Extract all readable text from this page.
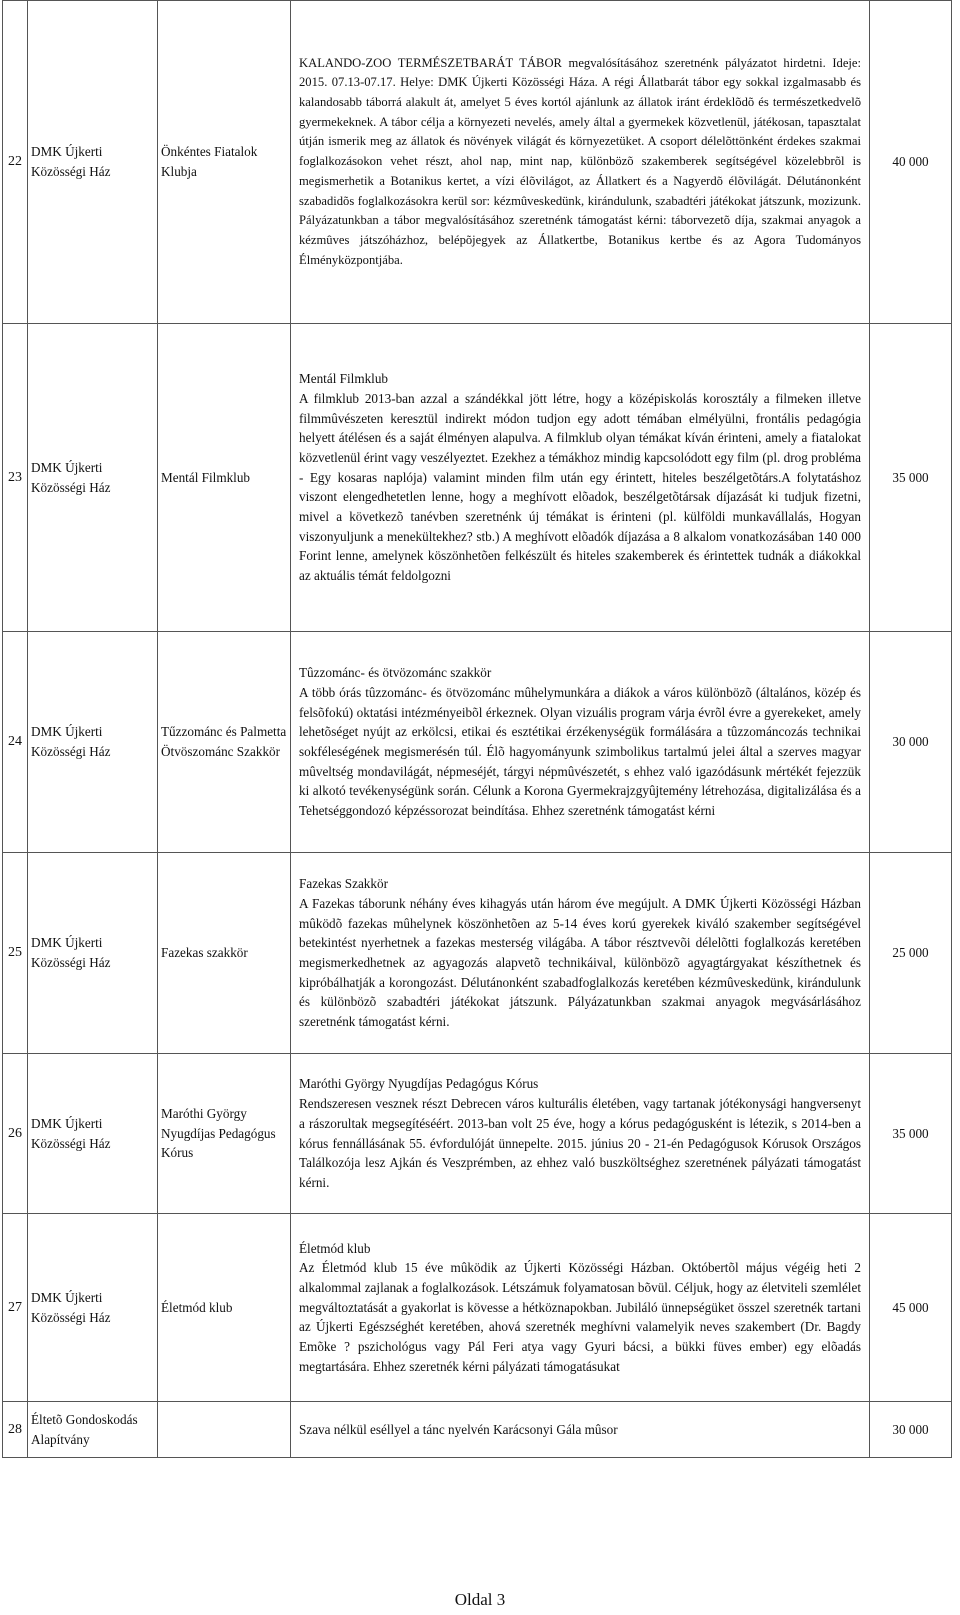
22	DMK Újkerti Közösségi Ház	Önkéntes Fiatalok Klubja	KALANDO-ZOO TERMÉSZETBARÁT TÁBOR megvalósításához szeretnénk pályázatot hirdetni. Ideje: 2015. 07.13-07.17. Helye: DMK Újkerti Közösségi Háza. A régi Állatbarát tábor egy sokkal izgalmasabb és kalandosabb táborrá alakult át, amelyet 5 éves kortól ajánlunk az állatok iránt érdeklõdõ és természetkedvelõ gyermekeknek. A tábor célja a környezeti nevelés, amely által a gyermekek közvetlenül, játékosan, tapasztalat útján ismerik meg az állatok és növények világát és környezetüket. A csoport délelõttönként érdekes szakmai foglalkozásokon vehet részt, ahol nap, mint nap, különbözõ szakemberek segítségével közelebbrõl is megismerhetik a Botanikus kertet, a vízi élõvilágot, az Állatkert és a Nagyerdõ élõvilágát. Délutánonként szabadidõs foglalkozásokra kerül sor: kézmûveskedünk, kirándulunk, szabadtéri játékokat játszunk, mozizunk. Pályázatunkban a tábor megvalósításához szeretnénk támogatást kérni: táborvezetõ díja, szakmai anyagok a kézmûves játszóházhoz, belépõjegyek az Állatkertbe, Botanikus kertbe és az Agora Tudományos Élményközpontjába.	40 000
23	DMK Újkerti Közösségi Ház	Mentál Filmklub	Mentál Filmklub
A filmklub 2013-ban azzal a szándékkal jött létre, hogy a középiskolás korosztály a filmeken illetve filmmûvészeten keresztül indirekt módon tudjon egy adott témában elmélyülni, frontális pedagógia helyett átélésen és a saját élményen alapulva. A filmklub olyan témákat kíván érinteni, amely a fiatalokat közvetlenül érint vagy veszélyeztet. Ezekhez a témákhoz mindig kapcsolódott egy film (pl. drog probléma - Egy kosaras naplója) valamint minden film után egy érintett, hiteles beszélgetõtárs.A folytatáshoz viszont elengedhetetlen lenne, hogy a meghívott elõadok, beszélgetõtársak díjazását ki tudjuk fizetni, mivel a következõ tanévben szeretnénk új témákat is érinteni (pl. külföldi munkavállalás, Hogyan viszonyuljunk a menekültekhez? stb.) A meghívott elõadók díjazása a 8 alkalom vonatkozásában 140 000 Forint lenne, amelynek köszönhetõen felkészült és hiteles szakemberek és érintettek tudnák a diákokkal az aktuális témát feldolgozni	35 000
24	DMK Újkerti Közösségi Ház	Tűzzománc és Palmetta Ötvöszománc Szakkör	Tûzzománc- és ötvözománc szakkör
A több órás tûzzománc- és ötvözománc mûhelymunkára a diákok a város különbözõ (általános, közép és felsõfokú) oktatási intézményeibõl érkeznek. Olyan vizuális program várja évrõl évre a gyerekeket, amely lehetõséget nyújt az erkölcsi, etikai és esztétikai érzékenységük formálására a tûzzománcozás technikai sokféleségének megismerésén túl. Élõ hagyományunk szimbolikus tartalmú jelei által a szerves magyar mûveltség mondavilágát, népmeséjét, tárgyi népmûvészetét, s ehhez való igazódásunk mértékét fejezzük ki alkotó tevékenységünk során. Célunk a Korona Gyermekrajzgyûjtemény létrehozása, digitalizálása és a Tehetséggondozó képzéssorozat beindítása. Ehhez szeretnénk támogatást kérni	30 000
25	DMK Újkerti Közösségi Ház	Fazekas szakkör	Fazekas Szakkör
A Fazekas táborunk néhány éves kihagyás után három éve megújult. A DMK Újkerti Közösségi Házban mûködõ fazekas mûhelynek köszönhetõen az 5-14 éves korú gyerekek kiváló szakember segítségével betekintést nyerhetnek a fazekas mesterség világába. A tábor résztvevõi délelõtti foglalkozás keretében megismerkedhetnek az agyagozás alapvetõ technikáival, különbözõ agyagtárgyakat készíthetnek és kipróbálhatják a korongozást. Délutánonként szabadfoglalkozás keretében kézmûveskedünk, kirándulunk és különbözõ szabadtéri játékokat játszunk. Pályázatunkban szakmai anyagok megvásárlásához szeretnénk támogatást kérni.	25 000
26	DMK Újkerti Közösségi Ház	Maróthi György Nyugdíjas Pedagógus Kórus	Maróthi György Nyugdíjas Pedagógus Kórus
Rendszeresen vesznek részt Debrecen város kulturális életében, vagy tartanak jótékonysági hangversenyt a rászorultak megsegítéséért. 2013-ban volt 25 éve, hogy a kórus pedagógusként is létezik, s 2014-ben a kórus fennállásának 55. évfordulóját ünnepelte. 2015. június 20 - 21-én Pedagógusok Kórusok Országos Találkozója lesz Ajkán és Veszprémben, az ehhez való buszköltséghez szeretnének pályázati támogatást kérni.	35 000
27	DMK Újkerti Közösségi Ház	Életmód klub	Életmód klub
Az Életmód klub 15 éve mûködik az Újkerti Közösségi Házban. Októbertõl május végéig heti 2 alkalommal zajlanak a foglalkozások. Létszámuk folyamatosan bõvül. Céljuk, hogy az életviteli szemlélet megváltoztatását a gyakorlat is kövesse a hétköznapokban. Jubiláló ünnepségüket összel szeretnék tartani az Újkerti Egészséghét keretében, ahová szeretnék meghívni valamelyik neves szakembert (Dr. Bagdy Emõke ? pszichológus vagy Pál Feri atya vagy Gyuri bácsi, a bükki füves ember) egy elõadás megtartására. Ehhez szeretnék kérni pályázati támogatásukat	45 000
28	Éltetõ Gondoskodás Alapítvány		Szava nélkül eséllyel a tánc nyelvén Karácsonyi Gála mûsor	30 000
Oldal 3
